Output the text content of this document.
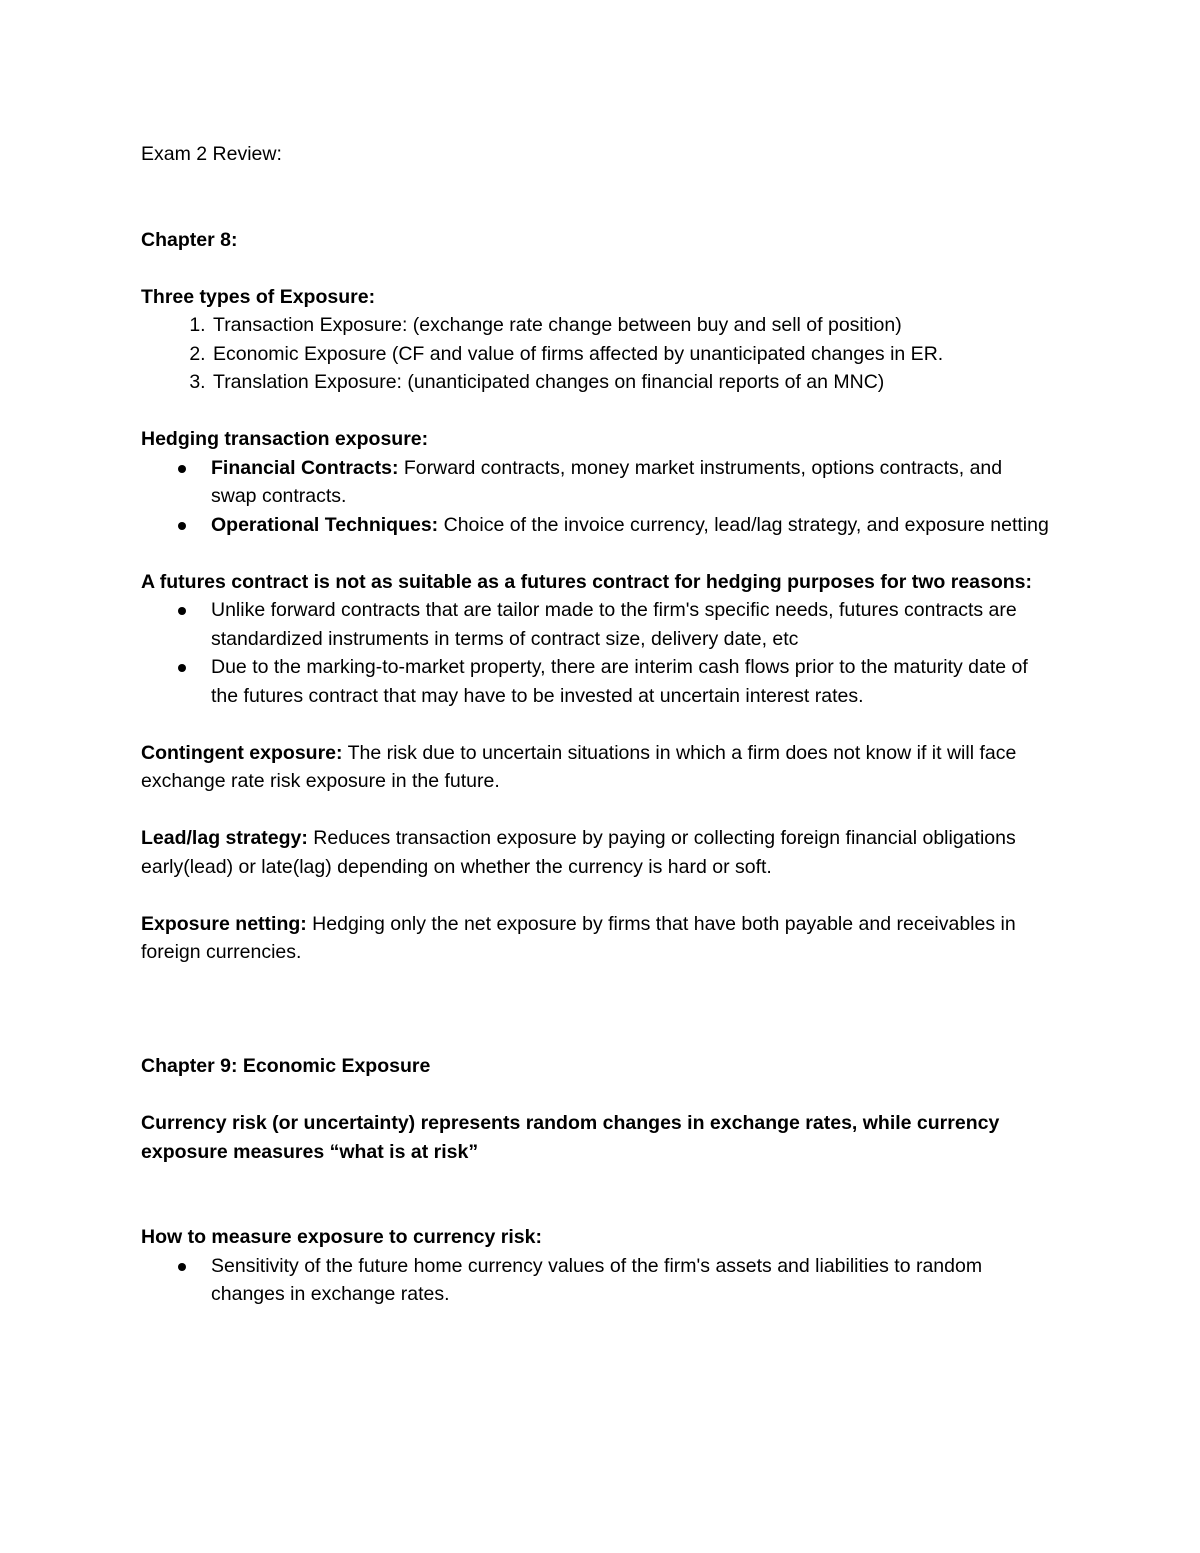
Exam 2 Review:

Chapter 8:

Three types of Exposure:

1. Transaction Exposure: (exchange rate change between buy and sell of position)
2. Economic Exposure (CF and value of firms affected by unanticipated changes in ER.
3. Translation Exposure: (unanticipated changes on financial reports of an MNC)

Hedging transaction exposure:

Financial Contracts: Forward contracts, money market instruments, options contracts, and swap contracts.
Operational Techniques: Choice of the invoice currency, lead/lag strategy, and exposure netting

A futures contract is not as suitable as a futures contract for hedging purposes for two reasons:

Unlike forward contracts that are tailor made to the firm's specific needs, futures contracts are standardized instruments in terms of contract size, delivery date, etc
Due to the marking-to-market property, there are interim cash flows prior to the maturity date of the futures contract that may have to be invested at uncertain interest rates.

Contingent exposure: The risk due to uncertain situations in which a firm does not know if it will face exchange rate risk exposure in the future.

Lead/lag strategy: Reduces transaction exposure by paying or collecting foreign financial obligations early(lead) or late(lag) depending on whether the currency is hard or soft.

Exposure netting: Hedging only the net exposure by firms that have both payable and receivables in foreign currencies.

Chapter 9: Economic Exposure

Currency risk (or uncertainty) represents random changes in exchange rates, while currency exposure measures “what is at risk”

How to measure exposure to currency risk:

Sensitivity of the future home currency values of the firm's assets and liabilities to random changes in exchange rates.
